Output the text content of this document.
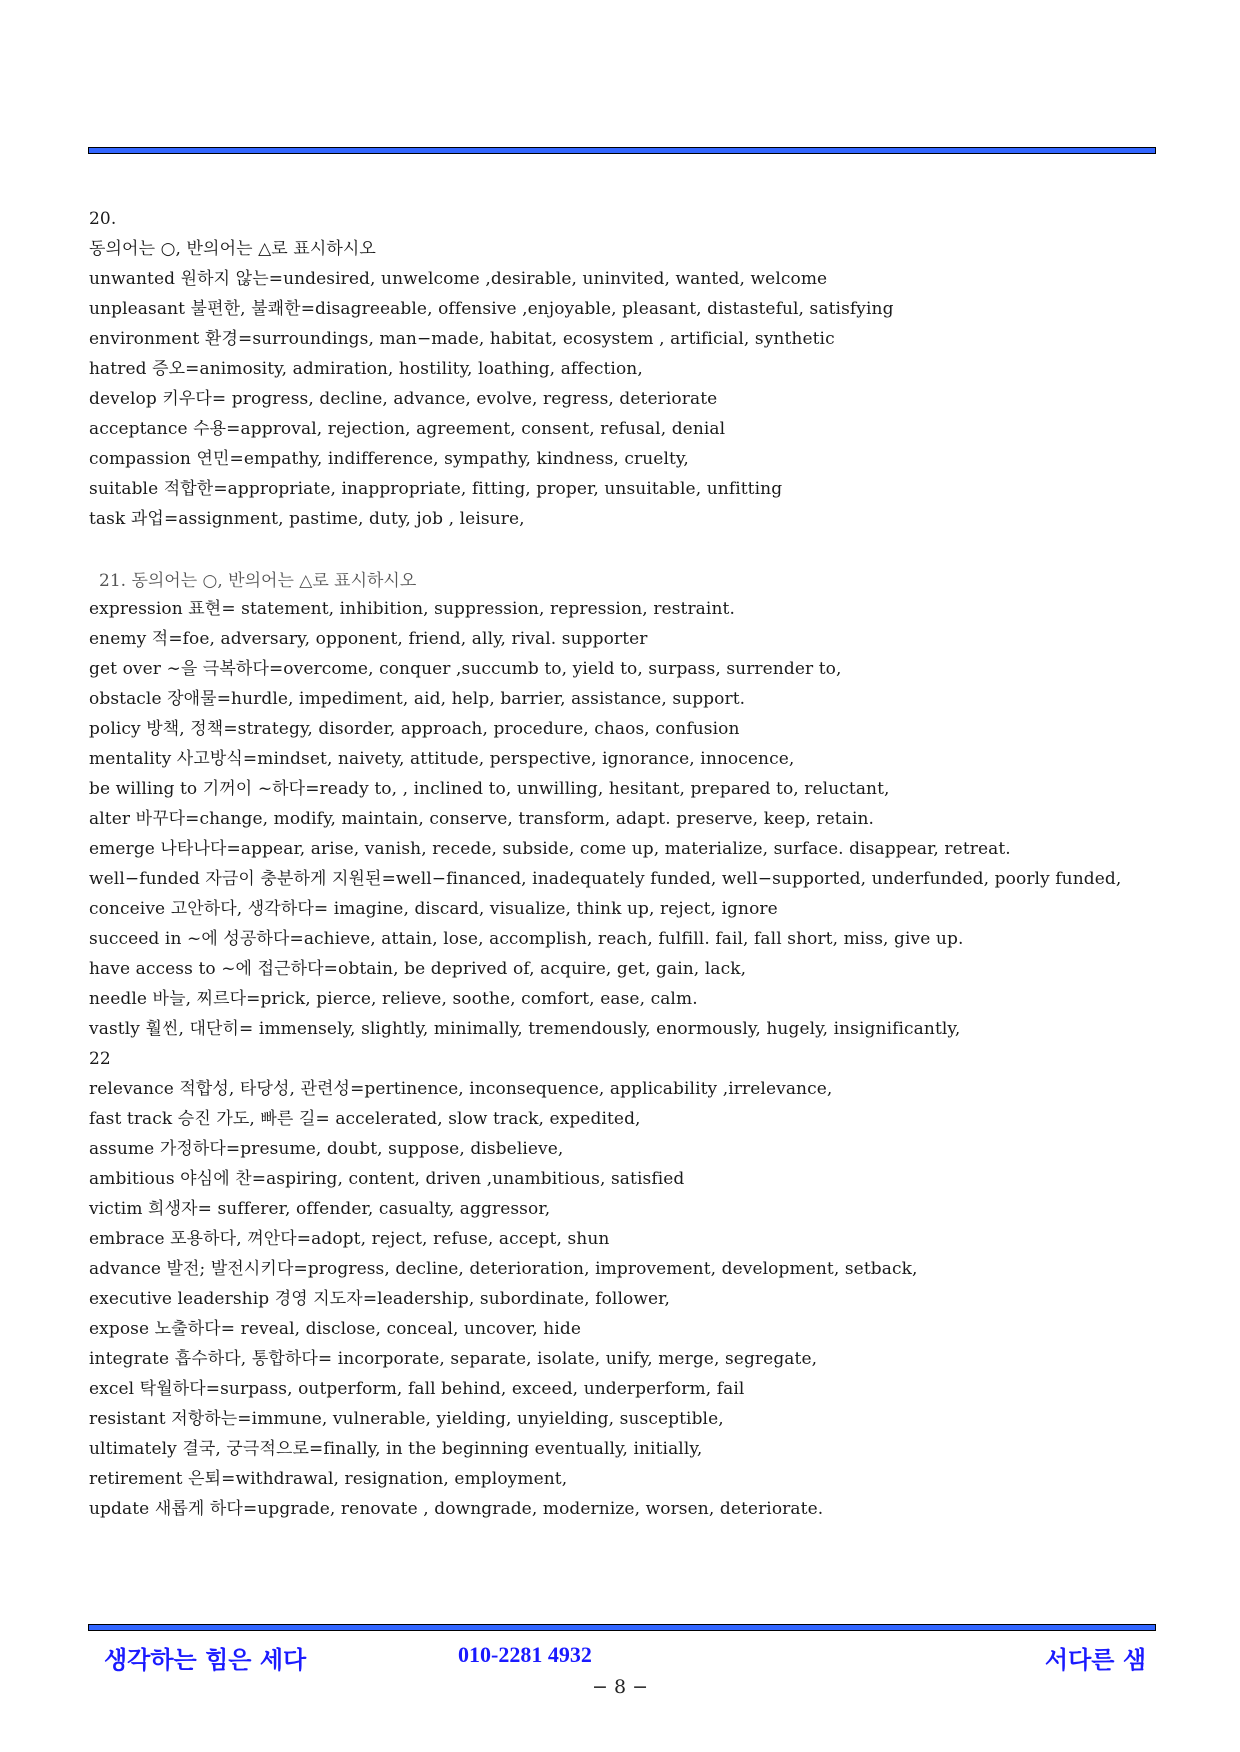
20.
동의어는 ○, 반의어는 △로 표시하시오
unwanted 원하지 않는=undesired, unwelcome ,desirable, uninvited, wanted, welcome
unpleasant 불편한, 불쾌한=disagreeable, offensive ,enjoyable, pleasant, distasteful, satisfying
environment 환경=surroundings, man−made, habitat, ecosystem , artificial, synthetic
hatred 증오=animosity, admiration, hostility, loathing, affection,
develop 키우다= progress, decline, advance, evolve, regress, deteriorate
acceptance 수용=approval, rejection, agreement, consent, refusal, denial
compassion 연민=empathy, indifference, sympathy, kindness, cruelty,
suitable 적합한=appropriate, inappropriate, fitting, proper, unsuitable, unfitting
task 과업=assignment, pastime, duty, job , leisure,
21. 동의어는 ○, 반의어는 △로 표시하시오
expression 표현= statement, inhibition, suppression, repression, restraint.
enemy 적=foe, adversary, opponent, friend, ally, rival. supporter
get over ∼을 극복하다=overcome, conquer ,succumb to, yield to, surpass, surrender to,
obstacle 장애물=hurdle, impediment, aid, help, barrier, assistance, support.
policy 방책, 정책=strategy, disorder, approach, procedure, chaos, confusion
mentality 사고방식=mindset, naivety, attitude, perspective, ignorance, innocence,
be willing to 기꺼이 ~하다=ready to, , inclined to, unwilling, hesitant, prepared to, reluctant,
alter 바꾸다=change, modify, maintain, conserve, transform, adapt. preserve, keep, retain.
emerge 나타나다=appear, arise, vanish, recede, subside, come up, materialize, surface. disappear, retreat.
well−funded 자금이 충분하게 지원된=well−financed, inadequately funded, well−supported, underfunded, poorly funded,
conceive 고안하다, 생각하다= imagine, discard, visualize, think up, reject, ignore
succeed in ~에 성공하다=achieve, attain, lose, accomplish, reach, fulfill. fail, fall short, miss, give up.
have access to ~에 접근하다=obtain, be deprived of, acquire, get, gain, lack,
needle 바늘, 찌르다=prick, pierce, relieve, soothe, comfort, ease, calm.
vastly 훨씬, 대단히= immensely, slightly, minimally, tremendously, enormously, hugely, insignificantly,
22
relevance 적합성, 타당성, 관련성=pertinence, inconsequence, applicability ,irrelevance,
fast track 승진 가도, 빠른 길= accelerated, slow track, expedited,
assume 가정하다=presume, doubt, suppose, disbelieve,
ambitious 야심에 찬=aspiring, content, driven ,unambitious, satisfied
victim 희생자= sufferer, offender, casualty, aggressor,
embrace 포용하다, 껴안다=adopt, reject, refuse, accept, shun
advance 발전; 발전시키다=progress, decline, deterioration, improvement, development, setback,
executive leadership 경영 지도자=leadership, subordinate, follower,
expose 노출하다= reveal, disclose, conceal, uncover, hide
integrate 흡수하다, 통합하다= incorporate, separate, isolate, unify, merge, segregate,
excel 탁월하다=surpass, outperform, fall behind, exceed, underperform, fail
resistant 저항하는=immune, vulnerable, yielding, unyielding, susceptible,
ultimately 결국, 궁극적으로=finally, in the beginning eventually, initially,
retirement 은퇴=withdrawal, resignation, employment,
update 새롭게 하다=upgrade, renovate , downgrade, modernize, worsen, deteriorate.
생각하는 힘은 세다	010-2281 4932	서다른 샘
− 8 −
